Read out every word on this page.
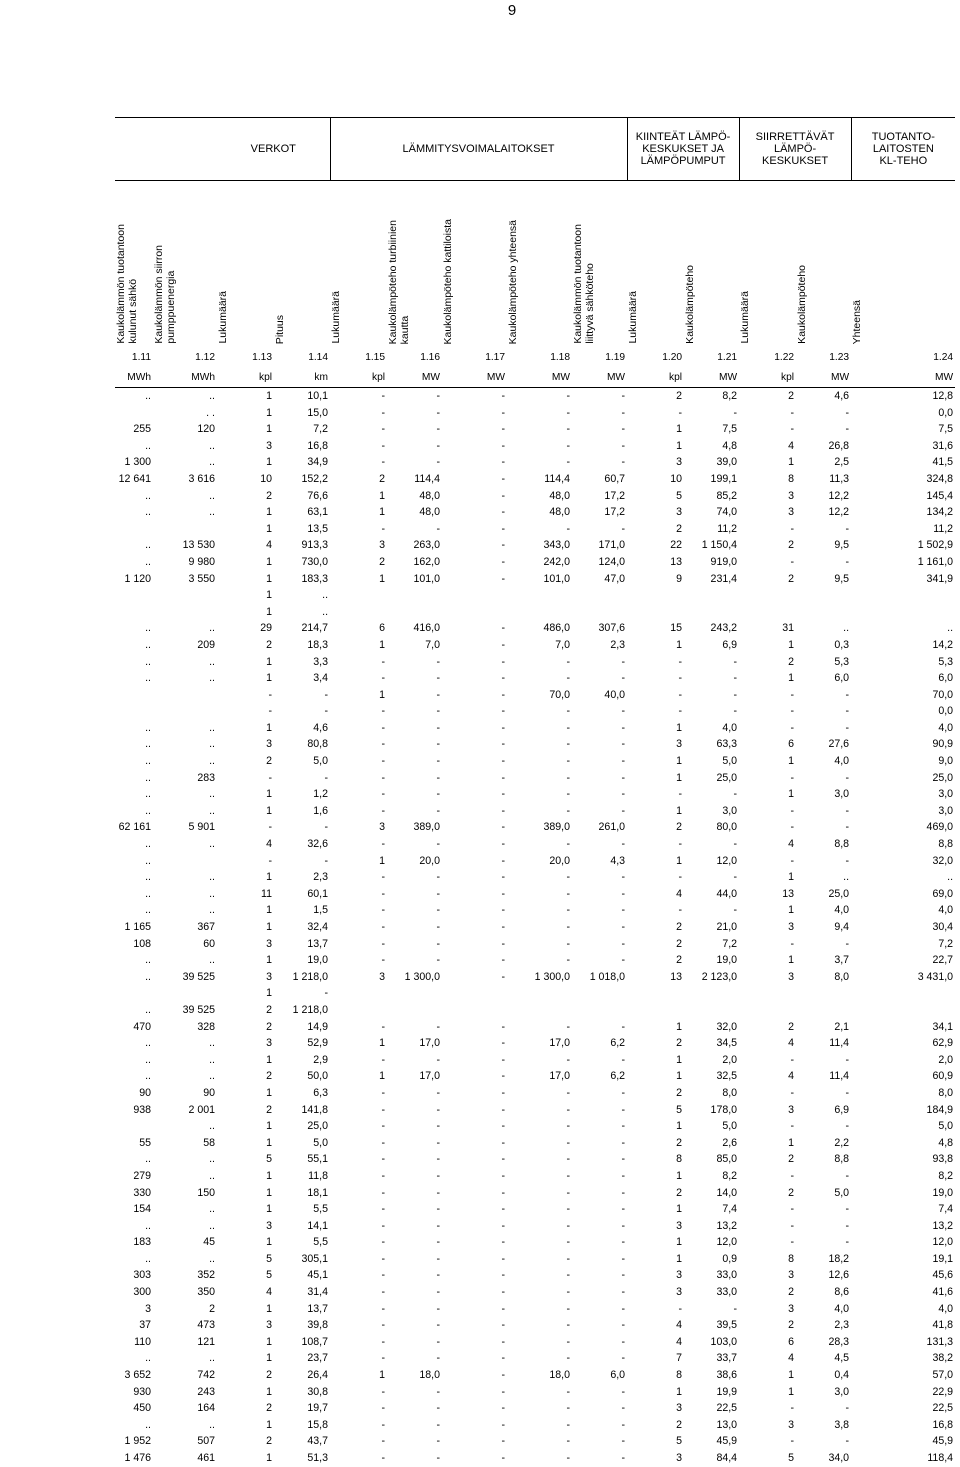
9
		VERKOT		LÄMMITYSVOIMALAITOKSET					KIINTEÄT LÄMPÖ-
KESKUKSET JA
LÄMPÖPUMPUT		SIIRRETTÄVÄT
LÄMPÖ-
KESKUKSET		TUOTANTO-
LAITOSTEN
KL-TEHO
Kaukolämmön tuotantoon
kulunut sähkö	Kaukolämmön siirron
pumppuenergia	Lukumäärä	Pituus	Lukumäärä	Kaukolämpöteho turbiinien
kautta	Kaukolämpöteho kattiloista	Kaukolämpöteho yhteensä	Kaukolämmön tuotantoon
liittyvä sähköteho	Lukumäärä	Kaukolämpöteho	Lukumäärä	Kaukolämpöteho	Yhteensä
1.11	1.12	1.13	1.14	1.15	1.16	1.17	1.18	1.19	1.20	1.21	1.22	1.23	1.24
MWh	MWh	kpl	km	kpl	MW	MW	MW	MW	kpl	MW	kpl	MW	MW
..	..	1	10,1	-	-	-	-	-	2	8,2	2	4,6	12,8
	. .	1	15,0	-	-	-	-	-	-	-	-	-	0,0
255	120	1	7,2	-	-	-	-	-	1	7,5	-	-	7,5
..	..	3	16,8	-	-	-	-	-	1	4,8	4	26,8	31,6
1 300	..	1	34,9	-	-	-	-	-	3	39,0	1	2,5	41,5
12 641	3 616	10	152,2	2	114,4	-	114,4	60,7	10	199,1	8	11,3	324,8
..	..	2	76,6	1	48,0	-	48,0	17,2	5	85,2	3	12,2	145,4
..	..	1	63,1	1	48,0	-	48,0	17,2	3	74,0	3	12,2	134,2
		1	13,5	-	-	-	-	-	2	11,2	-	-	11,2
..	13 530	4	913,3	3	263,0	-	343,0	171,0	22	1 150,4	2	9,5	1 502,9
..	9 980	1	730,0	2	162,0	-	242,0	124,0	13	919,0	-	-	1 161,0
1 120	3 550	1	183,3	1	101,0	-	101,0	47,0	9	231,4	2	9,5	341,9
		1	..										
		1	..										
..	..	29	214,7	6	416,0	-	486,0	307,6	15	243,2	31	..	..
..	209	2	18,3	1	7,0	-	7,0	2,3	1	6,9	1	0,3	14,2
..	..	1	3,3	-	-	-	-	-	-	-	2	5,3	5,3
..	..	1	3,4	-	-	-	-	-	-	-	1	6,0	6,0
		-	-	1	-	-	70,0	40,0	-	-	-	-	70,0
		-	-	-	-	-	-	-	-	-	-	-	0,0
..	..	1	4,6	-	-	-	-	-	1	4,0	-	-	4,0
..	..	3	80,8	-	-	-	-	-	3	63,3	6	27,6	90,9
..	..	2	5,0	-	-	-	-	-	1	5,0	1	4,0	9,0
..	283	-	-	-	-	-	-	-	1	25,0	-	-	25,0
..	..	1	1,2	-	-	-	-	-	-	-	1	3,0	3,0
..	..	1	1,6	-	-	-	-	-	1	3,0	-	-	3,0
62 161	5 901	-	-	3	389,0	-	389,0	261,0	2	80,0	-	-	469,0
..	..	4	32,6	-	-	-	-	-	-	-	4	8,8	8,8
..		-	-	1	20,0	-	20,0	4,3	1	12,0	-	-	32,0
..	..	1	2,3	-	-	-	-	-	-	-	1	..	..
..	..	11	60,1	-	-	-	-	-	4	44,0	13	25,0	69,0
..	..	1	1,5	-	-	-	-	-	-	-	1	4,0	4,0
1 165	367	1	32,4	-	-	-	-	-	2	21,0	3	9,4	30,4
108	60	3	13,7	-	-	-	-	-	2	7,2	-	-	7,2
..	..	1	19,0	-	-	-	-	-	2	19,0	1	3,7	22,7
..	39 525	3	1 218,0	3	1 300,0	-	1 300,0	1 018,0	13	2 123,0	3	8,0	3 431,0
		1	-										
..	39 525	2	1 218,0										
470	328	2	14,9	-	-	-	-	-	1	32,0	2	2,1	34,1
..	..	3	52,9	1	17,0	-	17,0	6,2	2	34,5	4	11,4	62,9
..	..	1	2,9	-	-	-	-	-	1	2,0	-	-	2,0
..	..	2	50,0	1	17,0	-	17,0	6,2	1	32,5	4	11,4	60,9
90	90	1	6,3	-	-	-	-	-	2	8,0	-	-	8,0
938	2 001	2	141,8	-	-	-	-	-	5	178,0	3	6,9	184,9
	..	1	25,0	-	-	-	-	-	1	5,0	-	-	5,0
55	58	1	5,0	-	-	-	-	-	2	2,6	1	2,2	4,8
..	..	5	55,1	-	-	-	-	-	8	85,0	2	8,8	93,8
279	..	1	11,8	-	-	-	-	-	1	8,2	-	-	8,2
330	150	1	18,1	-	-	-	-	-	2	14,0	2	5,0	19,0
154	..	1	5,5	-	-	-	-	-	1	7,4	-	-	7,4
..	..	3	14,1	-	-	-	-	-	3	13,2	-	-	13,2
183	45	1	5,5	-	-	-	-	-	1	12,0	-	-	12,0
..	..	5	305,1	-	-	-	-	-	1	0,9	8	18,2	19,1
303	352	5	45,1	-	-	-	-	-	3	33,0	3	12,6	45,6
300	350	4	31,4	-	-	-	-	-	3	33,0	2	8,6	41,6
3	2	1	13,7	-	-	-	-	-	-	-	3	4,0	4,0
37	473	3	39,8	-	-	-	-	-	4	39,5	2	2,3	41,8
110	121	1	108,7	-	-	-	-	-	4	103,0	6	28,3	131,3
..	..	1	23,7	-	-	-	-	-	7	33,7	4	4,5	38,2
3 652	742	2	26,4	1	18,0	-	18,0	6,0	8	38,6	1	0,4	57,0
930	243	1	30,8	-	-	-	-	-	1	19,9	1	3,0	22,9
450	164	2	19,7	-	-	-	-	-	3	22,5	-	-	22,5
..	..	1	15,8	-	-	-	-	-	2	13,0	3	3,8	16,8
1 952	507	2	43,7	-	-	-	-	-	5	45,9	-	-	45,9
1 476	461	1	51,3	-	-	-	-	-	3	84,4	5	34,0	118,4
